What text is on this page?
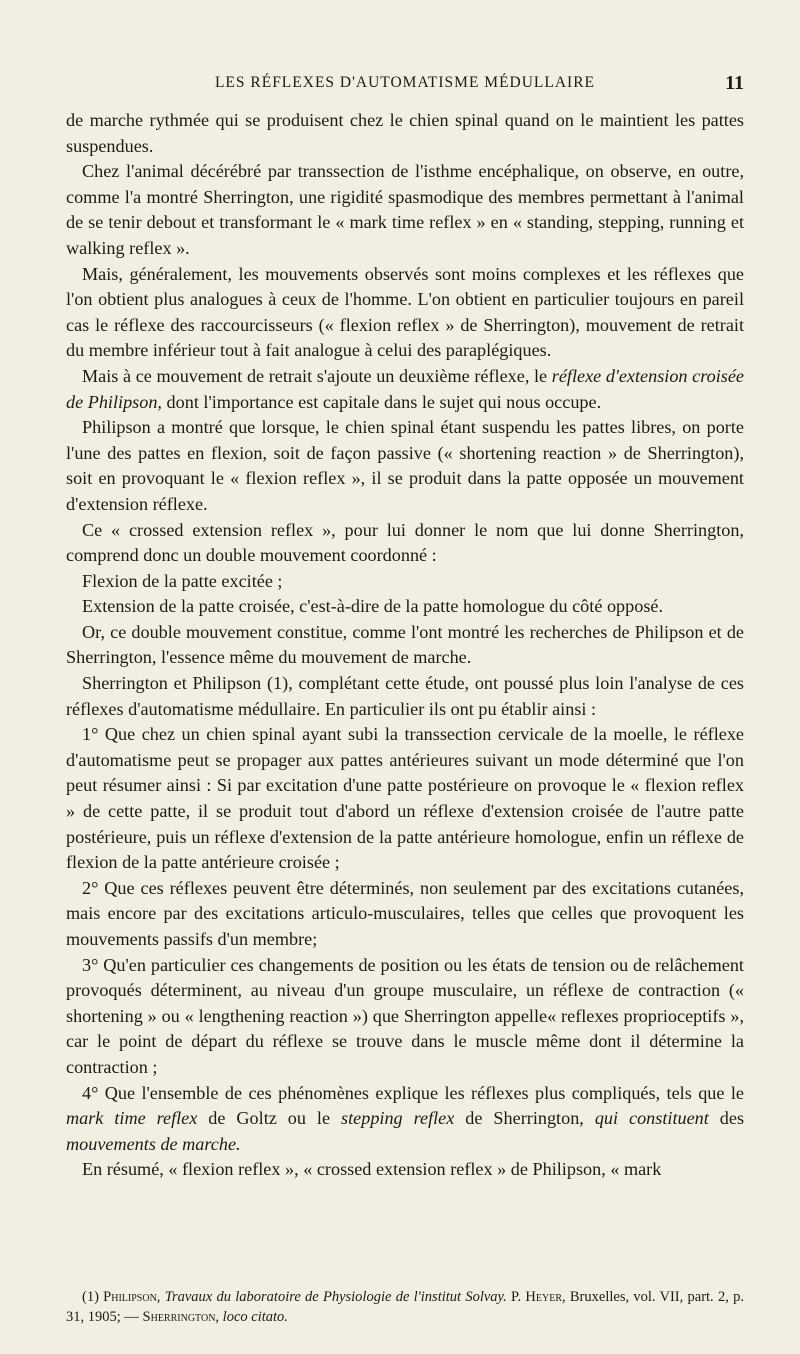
LES RÉFLEXES D'AUTOMATISME MÉDULLAIRE	11

de marche rythmée qui se produisent chez le chien spinal quand on le maintient les pattes suspendues.

Chez l'animal décérébré par transsection de l'isthme encéphalique, on observe, en outre, comme l'a montré Sherrington, une rigidité spasmodique des membres permettant à l'animal de se tenir debout et transformant le « mark time reflex » en « standing, stepping, running et walking reflex ».

Mais, généralement, les mouvements observés sont moins complexes et les réflexes que l'on obtient plus analogues à ceux de l'homme. L'on obtient en particulier toujours en pareil cas le réflexe des raccourcisseurs (« flexion reflex » de Sherrington), mouvement de retrait du membre inférieur tout à fait analogue à celui des paraplégiques.

Mais à ce mouvement de retrait s'ajoute un deuxième réflexe, le réflexe d'extension croisée de Philipson, dont l'importance est capitale dans le sujet qui nous occupe.

Philipson a montré que lorsque, le chien spinal étant suspendu les pattes libres, on porte l'une des pattes en flexion, soit de façon passive (« shortening reaction » de Sherrington), soit en provoquant le « flexion reflex », il se produit dans la patte opposée un mouvement d'extension réflexe.

Ce « crossed extension reflex », pour lui donner le nom que lui donne Sherrington, comprend donc un double mouvement coordonné :

Flexion de la patte excitée ;

Extension de la patte croisée, c'est-à-dire de la patte homologue du côté opposé.

Or, ce double mouvement constitue, comme l'ont montré les recherches de Philipson et de Sherrington, l'essence même du mouvement de marche.

Sherrington et Philipson (1), complétant cette étude, ont poussé plus loin l'analyse de ces réflexes d'automatisme médullaire. En particulier ils ont pu établir ainsi :

1° Que chez un chien spinal ayant subi la transsection cervicale de la moelle, le réflexe d'automatisme peut se propager aux pattes antérieures suivant un mode déterminé que l'on peut résumer ainsi : Si par excitation d'une patte postérieure on provoque le « flexion reflex » de cette patte, il se produit tout d'abord un réflexe d'extension croisée de l'autre patte postérieure, puis un réflexe d'extension de la patte antérieure homologue, enfin un réflexe de flexion de la patte antérieure croisée ;

2° Que ces réflexes peuvent être déterminés, non seulement par des excitations cutanées, mais encore par des excitations articulo-musculaires, telles que celles que provoquent les mouvements passifs d'un membre;

3° Qu'en particulier ces changements de position ou les états de tension ou de relâchement provoqués déterminent, au niveau d'un groupe musculaire, un réflexe de contraction (« shortening » ou « lengthening reaction ») que Sherrington appelle« reflexes proprioceptifs », car le point de départ du réflexe se trouve dans le muscle même dont il détermine la contraction ;

4° Que l'ensemble de ces phénomènes explique les réflexes plus compliqués, tels que le mark time reflex de Goltz ou le stepping reflex de Sherrington, qui constituent des mouvements de marche.

En résumé, « flexion reflex », « crossed extension reflex » de Philipson, « mark

(1) Philipson, Travaux du laboratoire de Physiologie de l'institut Solvay. P. Heyer, Bruxelles, vol. VII, part. 2, p. 31, 1905; — Sherrington, loco citato.
